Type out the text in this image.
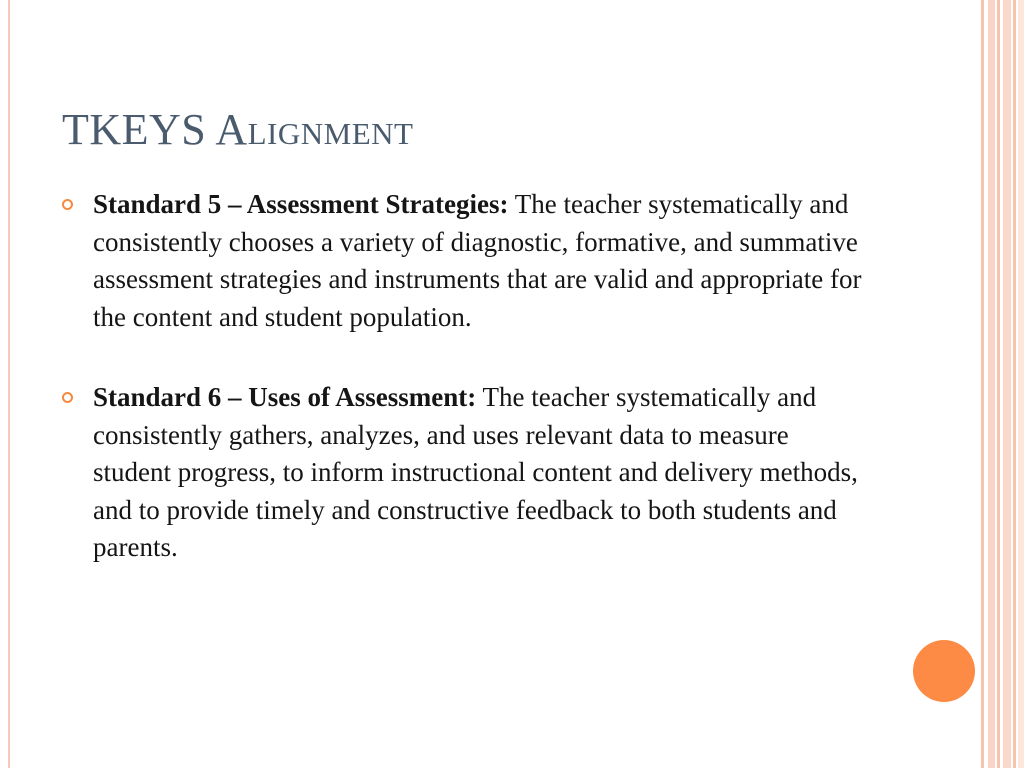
TKEYS Alignment
Standard 5 – Assessment Strategies: The teacher systematically and consistently chooses a variety of diagnostic, formative, and summative assessment strategies and instruments that are valid and appropriate for the content and student population.
Standard 6 – Uses of Assessment: The teacher systematically and consistently gathers, analyzes, and uses relevant data to measure student progress, to inform instructional content and delivery methods, and to provide timely and constructive feedback to both students and parents.
